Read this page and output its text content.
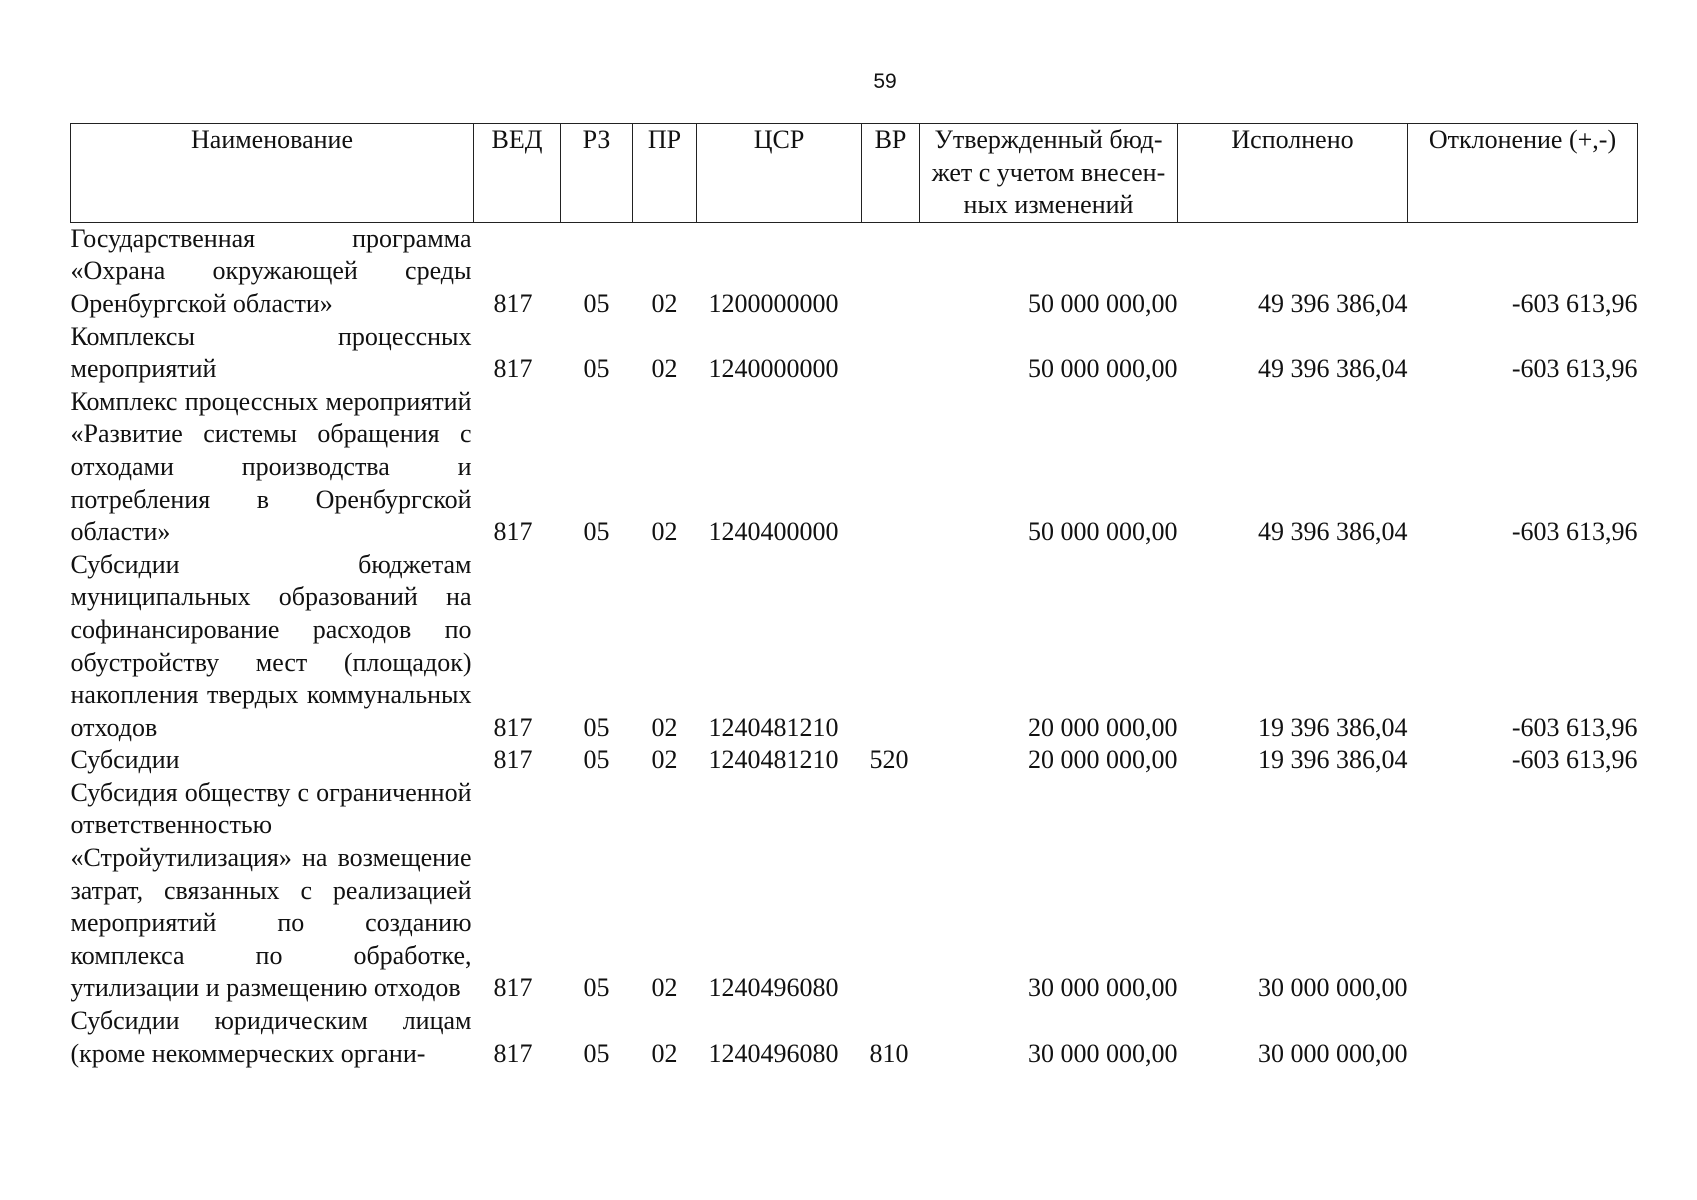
59
Наименование	ВЕД	РЗ	ПР	ЦСР	ВР	Утвержденный бюд-жет с учетом внесен-ных изменений	Исполнено	Отклонение (+,-)
Государственная программа «Охрана окружающей среды Оренбургской области»	817	05	02	1200000000		50 000 000,00	49 396 386,04	-603 613,96
Комплексы процессных мероприятий	817	05	02	1240000000		50 000 000,00	49 396 386,04	-603 613,96
Комплекс процессных мероприятий «Развитие системы обращения с отходами производства и потребления в Оренбургской области»	817	05	02	1240400000		50 000 000,00	49 396 386,04	-603 613,96
Субсидии бюджетам муниципальных образований на софинансирование расходов по обустройству мест (площадок) накопления твердых коммунальных отходов	817	05	02	1240481210		20 000 000,00	19 396 386,04	-603 613,96
Субсидии	817	05	02	1240481210	520	20 000 000,00	19 396 386,04	-603 613,96
Субсидия обществу с ограниченной ответственностью «Стройутилизация» на возмещение затрат, связанных с реализацией мероприятий по созданию комплекса по обработке, утилизации и размещению отходов	817	05	02	1240496080		30 000 000,00	30 000 000,00	
Субсидии юридическим лицам (кроме некоммерческих органи-	817	05	02	1240496080	810	30 000 000,00	30 000 000,00	
